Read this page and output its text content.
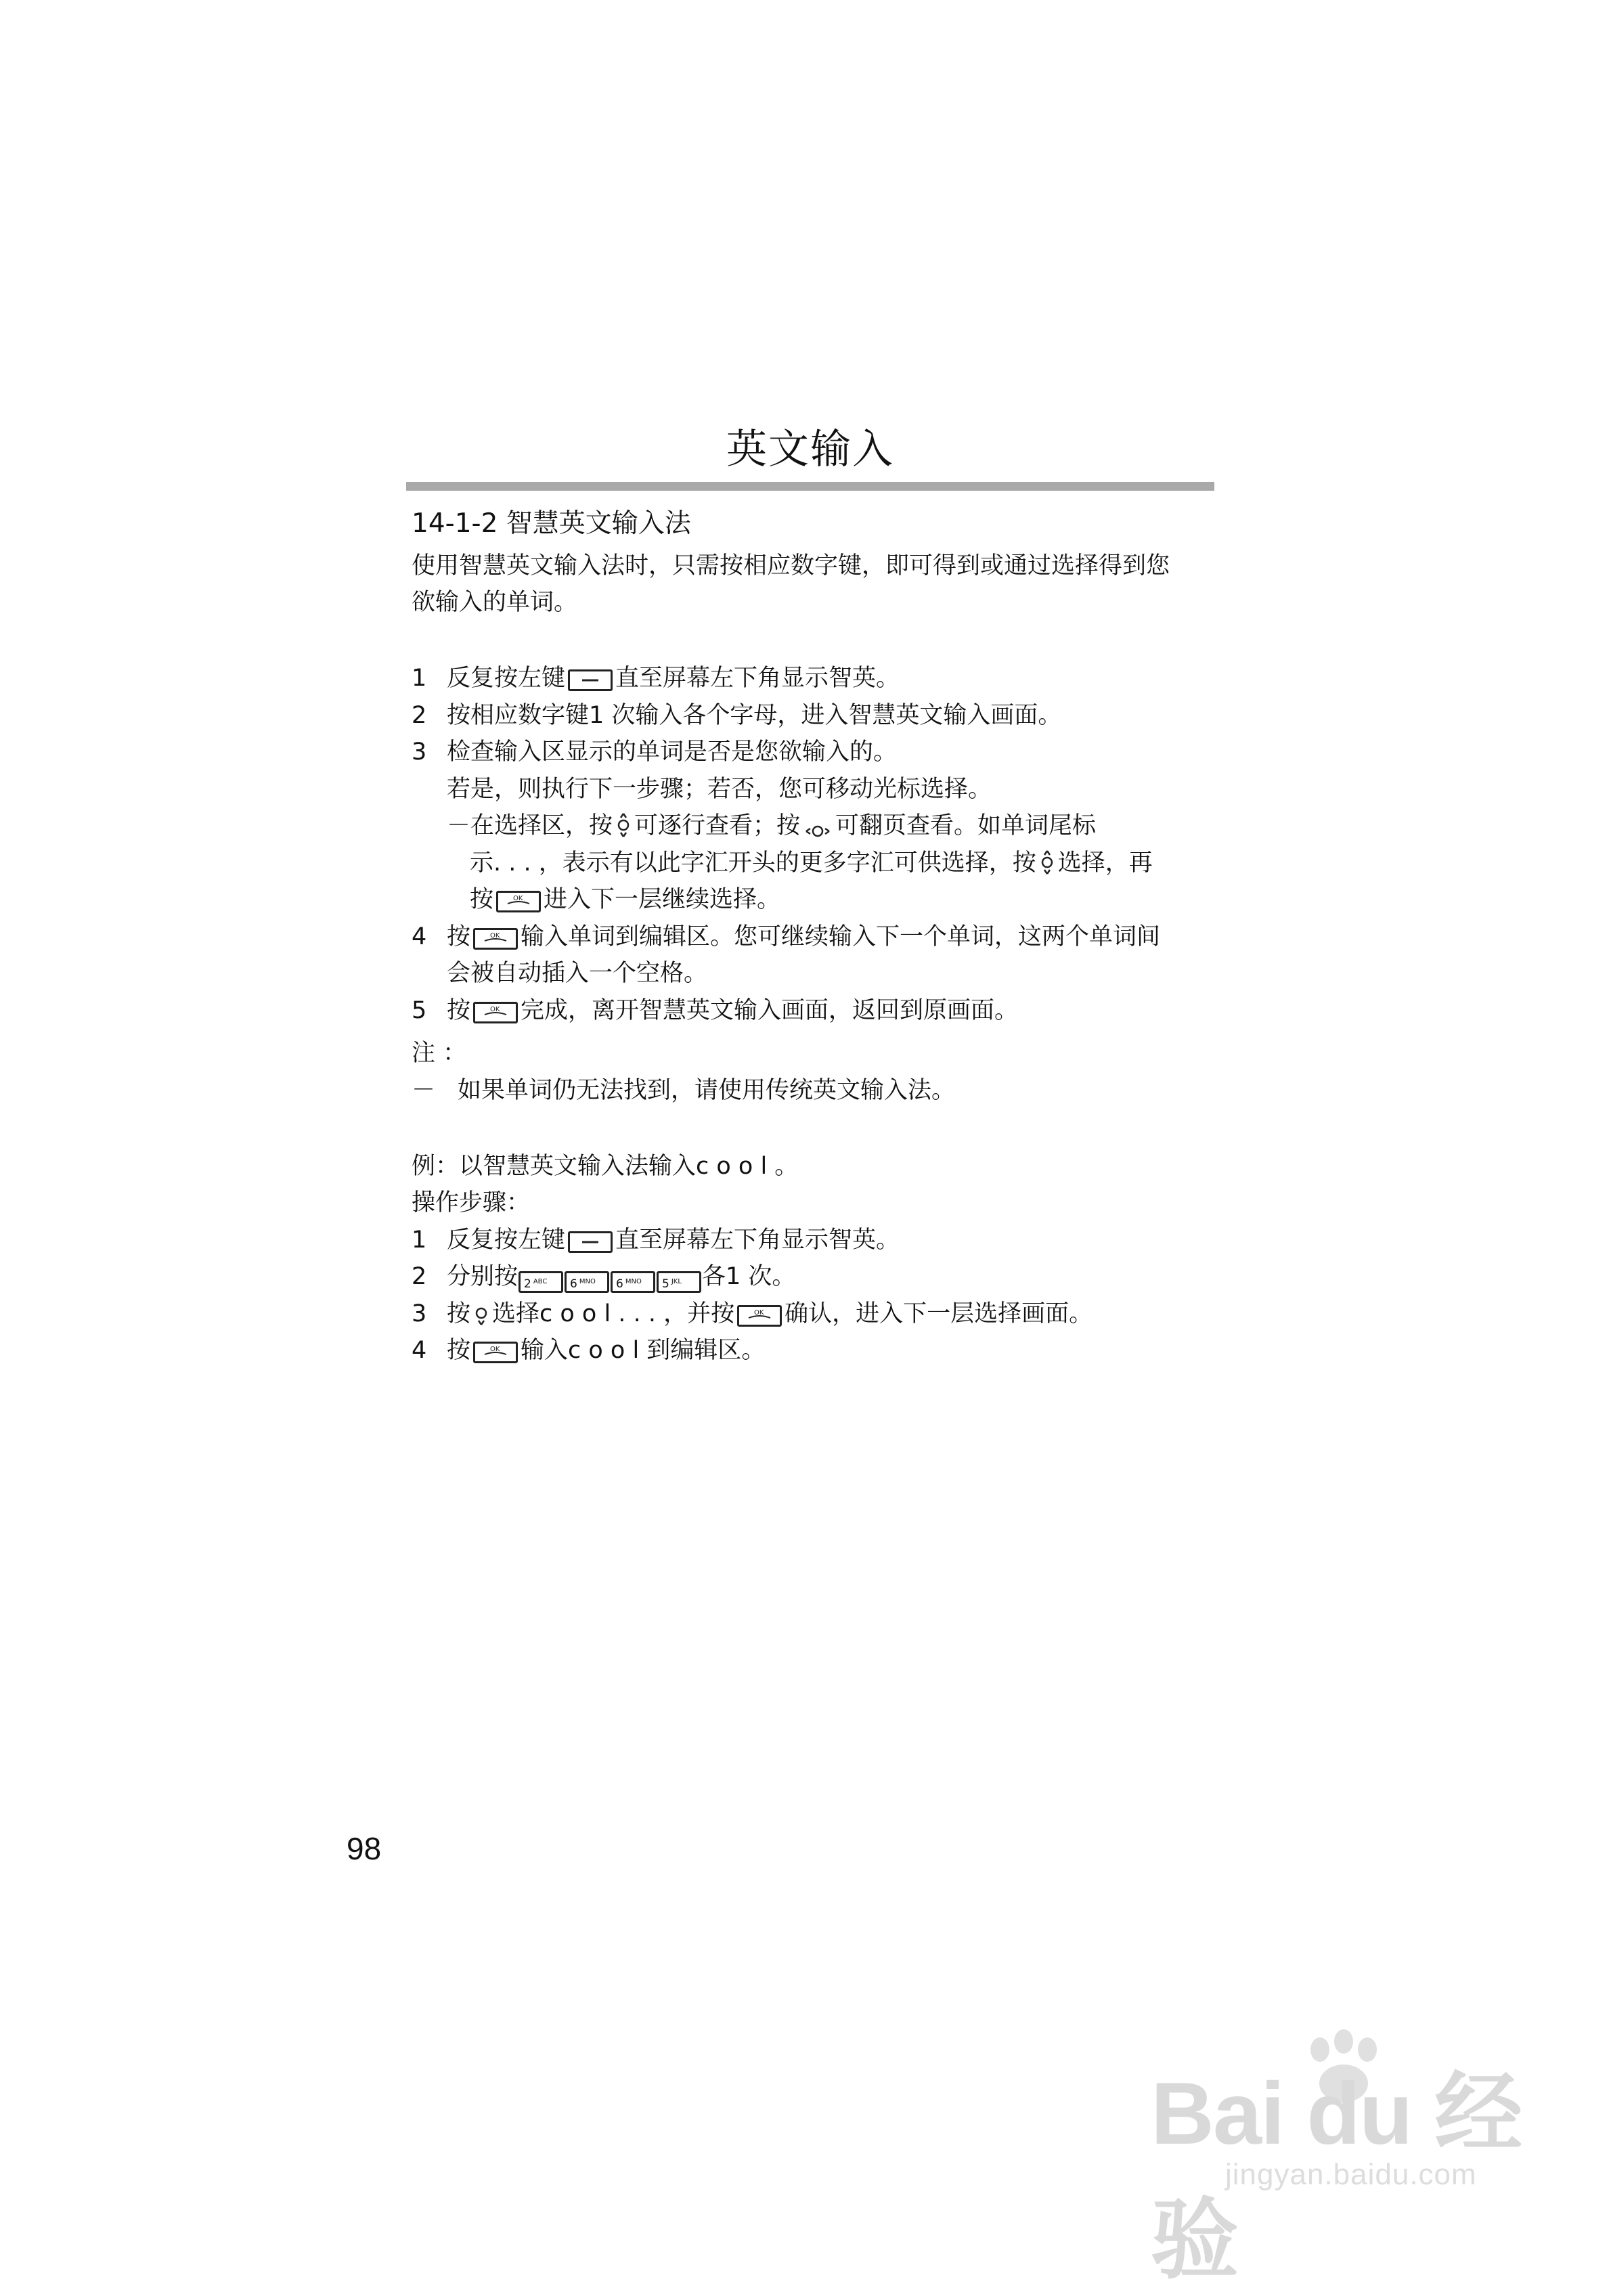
英文输入
14-1-2 智慧英文输入法
使用智慧英文输入法时，只需按相应数字键，即可得到或通过选择得到您
欲输入的单词。
1 反复按左键 直至屏幕左下角显示智英。
2 按相应数字键1 次输入各个字母，进入智慧英文输入画面。
3 检查输入区显示的单词是否是您欲输入的。
若是，则执行下一步骤；若否，您可移动光标选择。
－在选择区，按 可逐行查看；按 可翻页查看。如单词尾标
示. . . ，表示有以此字汇开头的更多字汇可供选择，按 选择，再
按	OK 进入下一层继续选择。
4 按	OK 输入单词到编辑区。您可继续输入下一个单词，这两个单词间
会被自动插入一个空格。
5 按	OK 完成，离开智慧英文输入画面，返回到原画面。
注 ：
－ 如果单词仍无法找到，请使用传统英文输入法。
例：以智慧英文输入法输入c o o l 。
操作步骤：
1 反复按左键 直至屏幕左下角显示智英。
2 分别按 2 $^{ABC}$ 6 $^{MNO}$ 6 $^{MNO}$ 5 $^{JKL}$ 各1 次。
3 按 选择c o o l . . . ，并按	OK 确认，进入下一层选择画面。
4 按	OK 输入c o o l 到编辑区。
98
Bai du 经验
jingyan.baidu.com
